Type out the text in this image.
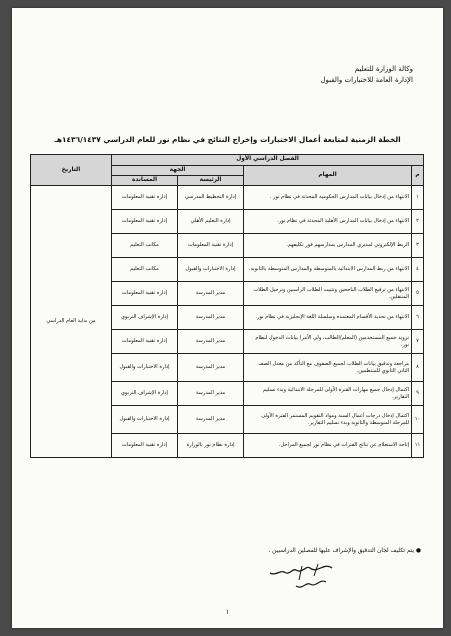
وكالة الوزارة للتعليم
الإدارة العامة للاختبارات والقبول
الخطة الزمنية لمتابعة أعمال الاختبارات وإخراج النتائج في نظام نور للعام الدراسي ١٤٣٦/١٤٣٧هـ
الفصل الدراسي الأول				التاريخ
م	المهام	الجهة		
		الرئيسة	المساندة	
١	الانتهاء من إدخال بيانات المدارس الحكومية المحدثة في نظام نور .	إدارة التخطيط المدرسي	إدارة تقنية المعلومات	من بداية العام الدراسي
٢	الانتهاء من إدخال بيانات المدارس الأهلية المحدثة في نظام نور.	إدارة التعليم الأهلي	إدارة تقنية المعلومات	
٣	الربط الإلكتروني لمديري المدارس بمدارسهم فور تكليفهم.	إدارة تقنية المعلومات	مكاتب التعليم	
٤	الانتهاء من ربط المدارس الابتدائية بالمتوسطة والمدارس المتوسطة بالثانوية.	إدارة الاختبارات والقبول	مكاتب التعليم	
٥	الانتهاء من ترفيع الطلاب الناجحين وتثبيت الطلاب الراسبين وترحيل الطلاب المنتقلين.	مدير المدرسة	إدارة تقنية المعلومات	
٦	الانتهاء من تحديد الأقسام المعتمدة وسلسلة اللغة الإنجليزية في نظام نور.	مدير المدرسة	إدارة الإشراف التربوي	
٧	تزويد جميع المستخدمين (المعلم/الطالب، ولي الأمر) بيانات الدخول لنظام نور.	مدير المدرسة	إدارة تقنية المعلومات	
٨	مراجعة وتدقيق بيانات الطلاب لجميع الصفوف مع التأكد من معدل الصف الثاني الثانوي للمنتظمين.	مدير المدرسة	إدارة الاختبارات والقبول	
٩	اكتمال إدخال جميع مهارات الفترة الأولى للمرحلة الابتدائية وبدء تسليم التقارير.	مدير المدرسة	إدارة الإشراف التربوي	
١٠	اكتمال إدخال درجات أعمال السنة ومواد التقويم المستمر الفترة الأولى للمرحلة المتوسطة والثانوية وبدء تسليم التقارير.	مدير المدرسة	إدارة الاختبارات والقبول	
١١	إتاحة الاستعلام عن نتائج الفترات في نظام نور لجميع المراحل.	إدارة نظام نور بالوزارة	إدارة تقنية المعلومات	
● يتم تكليف لجان التدقيق والإشراف عليها للفصلين الدراسيين .
١
